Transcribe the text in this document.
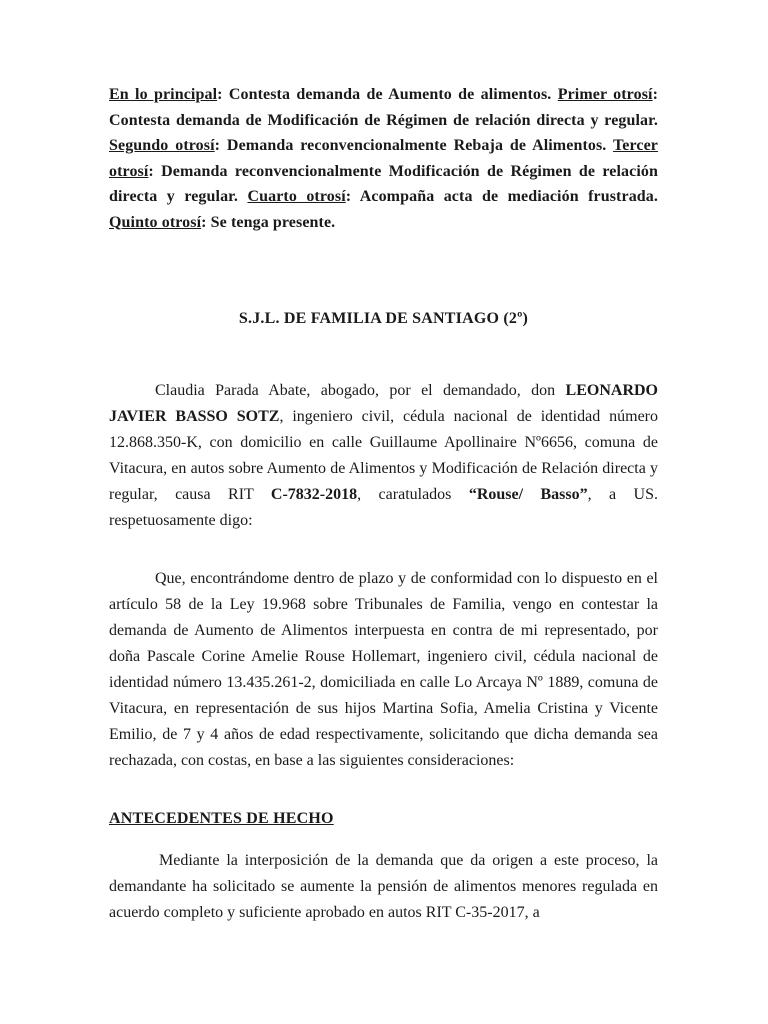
En lo principal: Contesta demanda de Aumento de alimentos. Primer otrosí: Contesta demanda de Modificación de Régimen de relación directa y regular. Segundo otrosí: Demanda reconvencionalmente Rebaja de Alimentos. Tercer otrosí: Demanda reconvencionalmente Modificación de Régimen de relación directa y regular. Cuarto otrosí: Acompaña acta de mediación frustrada. Quinto otrosí: Se tenga presente.

S.J.L. DE FAMILIA DE SANTIAGO (2º)

Claudia Parada Abate, abogado, por el demandado, don LEONARDO JAVIER BASSO SOTZ, ingeniero civil, cédula nacional de identidad número 12.868.350-K, con domicilio en calle Guillaume Apollinaire Nº6656, comuna de Vitacura, en autos sobre Aumento de Alimentos y Modificación de Relación directa y regular, causa RIT C-7832-2018, caratulados “Rouse/ Basso”, a US. respetuosamente digo:

Que, encontrándome dentro de plazo y de conformidad con lo dispuesto en el artículo 58 de la Ley 19.968 sobre Tribunales de Familia, vengo en contestar la demanda de Aumento de Alimentos interpuesta en contra de mi representado, por doña Pascale Corine Amelie Rouse Hollemart, ingeniero civil, cédula nacional de identidad número 13.435.261-2, domiciliada en calle Lo Arcaya Nº 1889, comuna de Vitacura, en representación de sus hijos Martina Sofia, Amelia Cristina y Vicente Emilio, de 7 y 4 años de edad respectivamente, solicitando que dicha demanda sea rechazada, con costas, en base a las siguientes consideraciones:

ANTECEDENTES DE HECHO

Mediante la interposición de la demanda que da origen a este proceso, la demandante ha solicitado se aumente la pensión de alimentos menores regulada en acuerdo completo y suficiente aprobado en autos RIT C-35-2017, a
